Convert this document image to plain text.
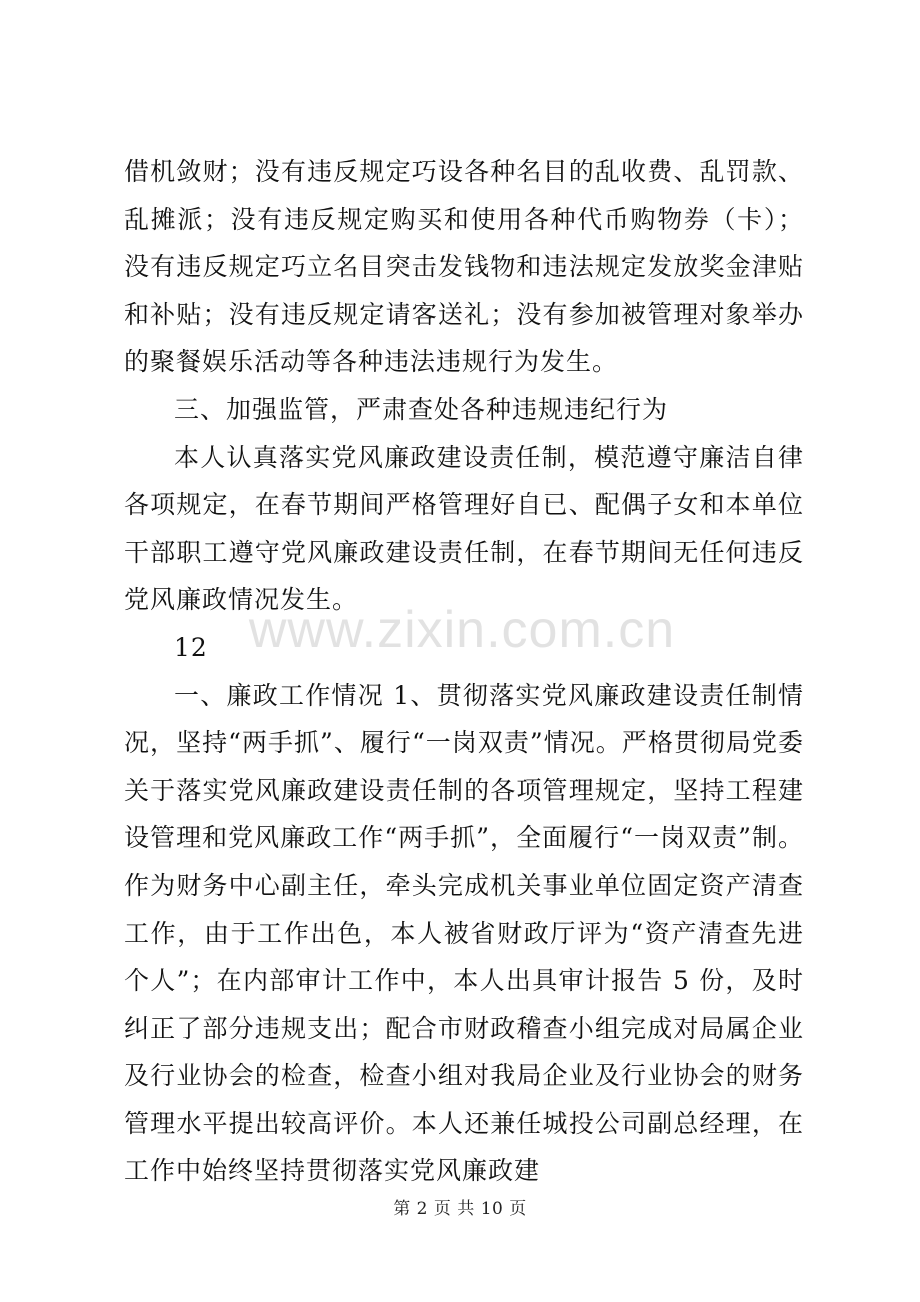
借机敛财；没有违反规定巧设各种名目的乱收费、乱罚款、乱摊派；没有违反规定购买和使用各种代币购物券（卡）；没有违反规定巧立名目突击发钱物和违法规定发放奖金津贴和补贴；没有违反规定请客送礼；没有参加被管理对象举办的聚餐娱乐活动等各种违法违规行为发生。

三、加强监管，严肃查处各种违规违纪行为

本人认真落实党风廉政建设责任制，模范遵守廉洁自律各项规定，在春节期间严格管理好自已、配偶子女和本单位干部职工遵守党风廉政建设责任制，在春节期间无任何违反党风廉政情况发生。

12

一、廉政工作情况 1、贯彻落实党风廉政建设责任制情况，坚持“两手抓”、履行“一岗双责”情况。严格贯彻局党委关于落实党风廉政建设责任制的各项管理规定，坚持工程建设管理和党风廉政工作“两手抓”，全面履行“一岗双责”制。作为财务中心副主任，牵头完成机关事业单位固定资产清查工作，由于工作出色，本人被省财政厅评为“资产清查先进个人”；在内部审计工作中，本人出具审计报告 5 份，及时纠正了部分违规支出；配合市财政稽查小组完成对局属企业及行业协会的检查，检查小组对我局企业及行业协会的财务管理水平提出较高评价。本人还兼任城投公司副总经理，在工作中始终坚持贯彻落实党风廉政建

www.zixin.com.cn
第 2 页 共 10 页
